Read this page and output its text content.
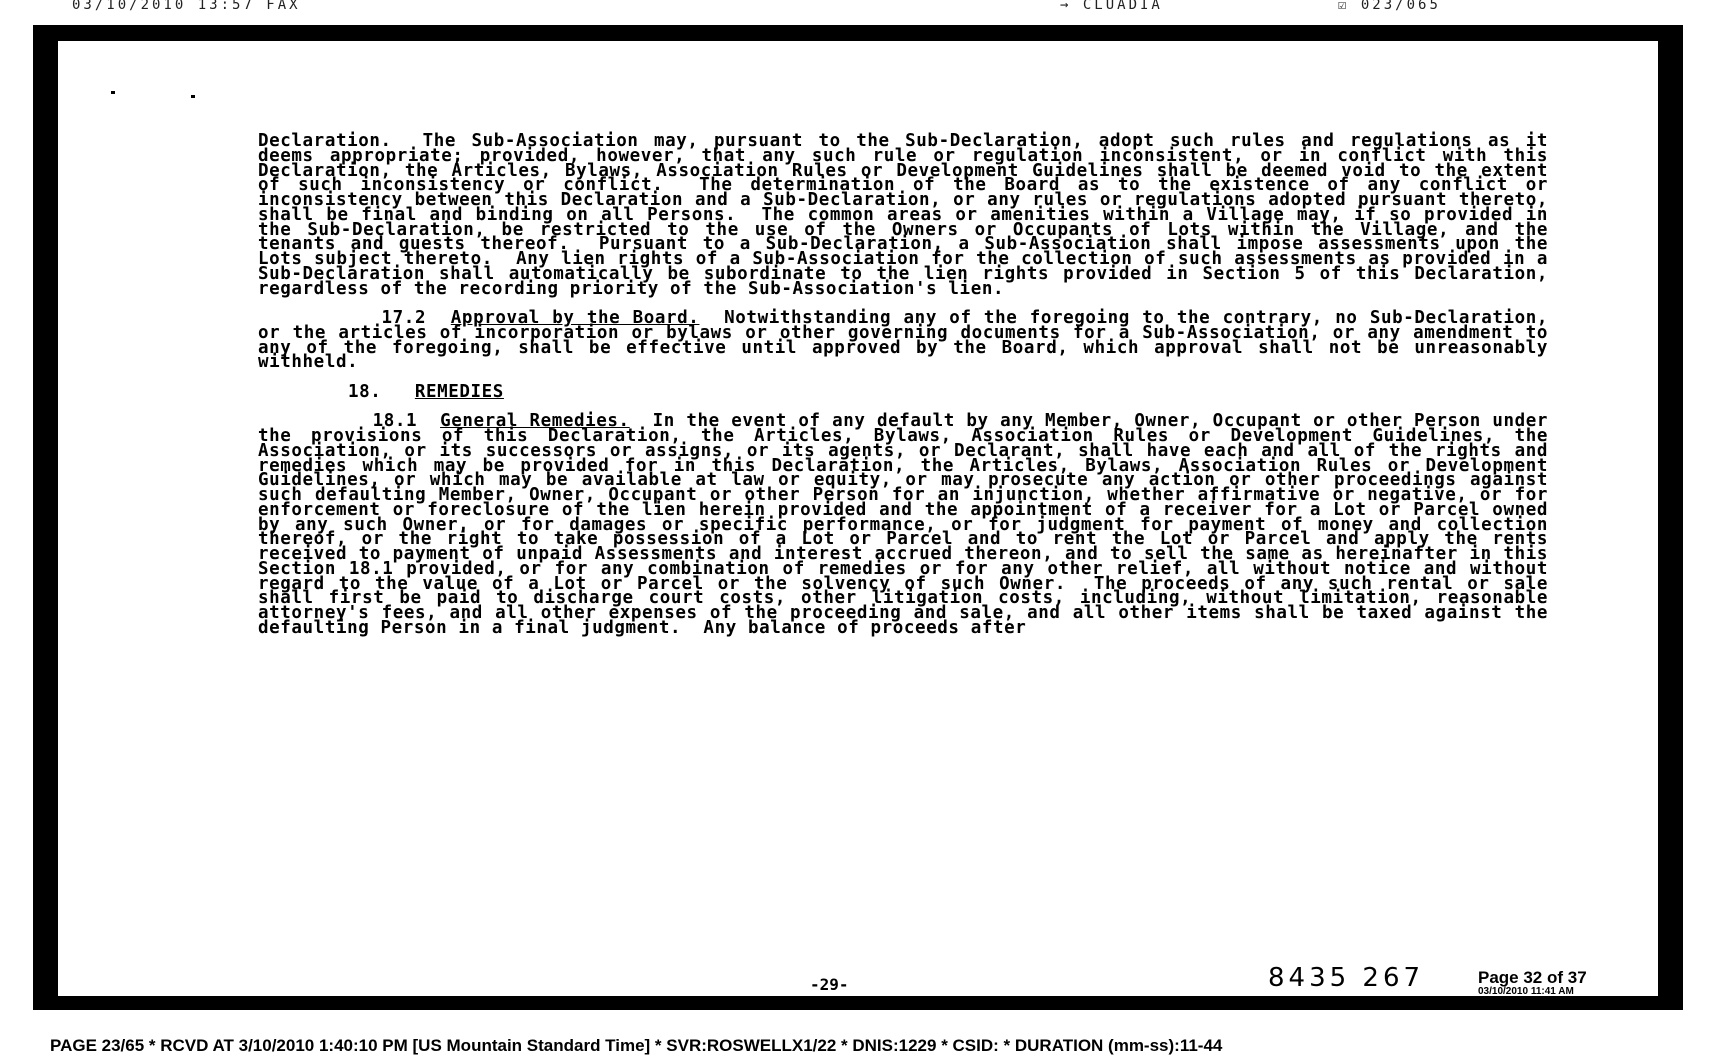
03/10/2010 13:57 FAX	→ CLUADIA	☑ 023/065

Declaration.  The Sub-Association may, pursuant to the Sub-Declaration, adopt such rules and regulations as it deems appropriate; provided, however, that any such rule or regulation inconsistent, or in conflict with this Declaration, the Articles, Bylaws, Association Rules or Development Guidelines shall be deemed void to the extent of such inconsistency or conflict.  The determination of the Board as to the existence of any conflict or inconsistency between this Declaration and a Sub-Declaration, or any rules or regulations adopted pursuant thereto, shall be final and binding on all Persons.  The common areas or amenities within a Village may, if so provided in the Sub-Declaration, be restricted to the use of the Owners or Occupants of Lots within the Village, and the tenants and guests thereof.  Pursuant to a Sub-Declaration, a Sub-Association shall impose assessments upon the Lots subject thereto.  Any lien rights of a Sub-Association for the collection of such assessments as provided in a Sub-Declaration shall automatically be subordinate to the lien rights provided in Section 5 of this Declaration, regardless of the recording priority of the Sub-Association's lien.

17.2 Approval by the Board. Notwithstanding any of the foregoing to the contrary, no Sub-Declaration, or the articles of incorporation or bylaws or other governing documents for a Sub-Association, or any amendment to any of the foregoing, shall be effective until approved by the Board, which approval shall not be unreasonably withheld.

18. REMEDIES

18.1 General Remedies. In the event of any default by any Member, Owner, Occupant or other Person under the provisions of this Declaration, the Articles, Bylaws, Association Rules or Development Guidelines, the Association, or its successors or assigns, or its agents, or Declarant, shall have each and all of the rights and remedies which may be provided for in this Declaration, the Articles, Bylaws, Association Rules or Development Guidelines, or which may be available at law or equity, or may prosecute any action or other proceedings against such defaulting Member, Owner, Occupant or other Person for an injunction, whether affirmative or negative, or for enforcement or foreclosure of the lien herein provided and the appointment of a receiver for a Lot or Parcel owned by any such Owner, or for damages or specific performance, or for judgment for payment of money and collection thereof, or the right to take possession of a Lot or Parcel and to rent the Lot or Parcel and apply the rents received to payment of unpaid Assessments and interest accrued thereon, and to sell the same as hereinafter in this Section 18.1 provided, or for any combination of remedies or for any other relief, all without notice and without regard to the value of a Lot or Parcel or the solvency of such Owner.  The proceeds of any such rental or sale shall first be paid to discharge court costs, other litigation costs, including, without limitation, reasonable attorney's fees, and all other expenses of the proceeding and sale, and all other items shall be taxed against the defaulting Person in a final judgment.  Any balance of proceeds after

-29-	8435 267	Page 32 of 37
03/10/2010 11:41 AM
PAGE 23/65 * RCVD AT 3/10/2010 1:40:10 PM [US Mountain Standard Time] * SVR:ROSWELLX1/22 * DNIS:1229 * CSID: * DURATION (mm-ss):11-44
